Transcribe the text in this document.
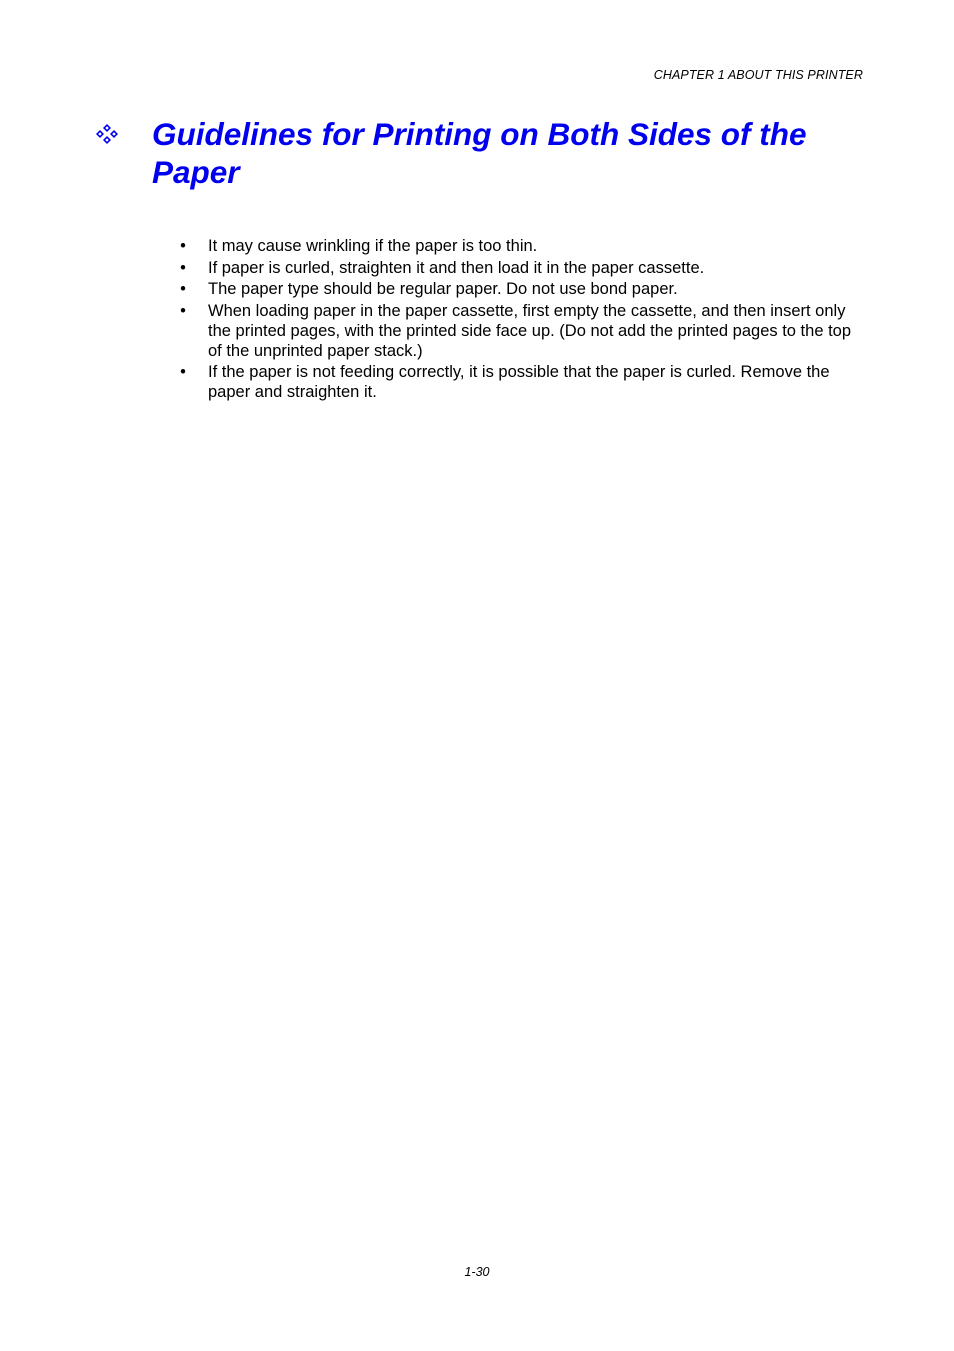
CHAPTER 1 ABOUT THIS PRINTER
Guidelines for Printing on Both Sides of the Paper
• It may cause wrinkling if the paper is too thin.
• If paper is curled, straighten it and then load it in the paper cassette.
• The paper type should be regular paper. Do not use bond paper.
• When loading paper in the paper cassette, first empty the cassette, and then insert only the printed pages, with the printed side face up. (Do not add the printed pages to the top of the unprinted paper stack.)
• If the paper is not feeding correctly, it is possible that the paper is curled. Remove the paper and straighten it.
1-30
